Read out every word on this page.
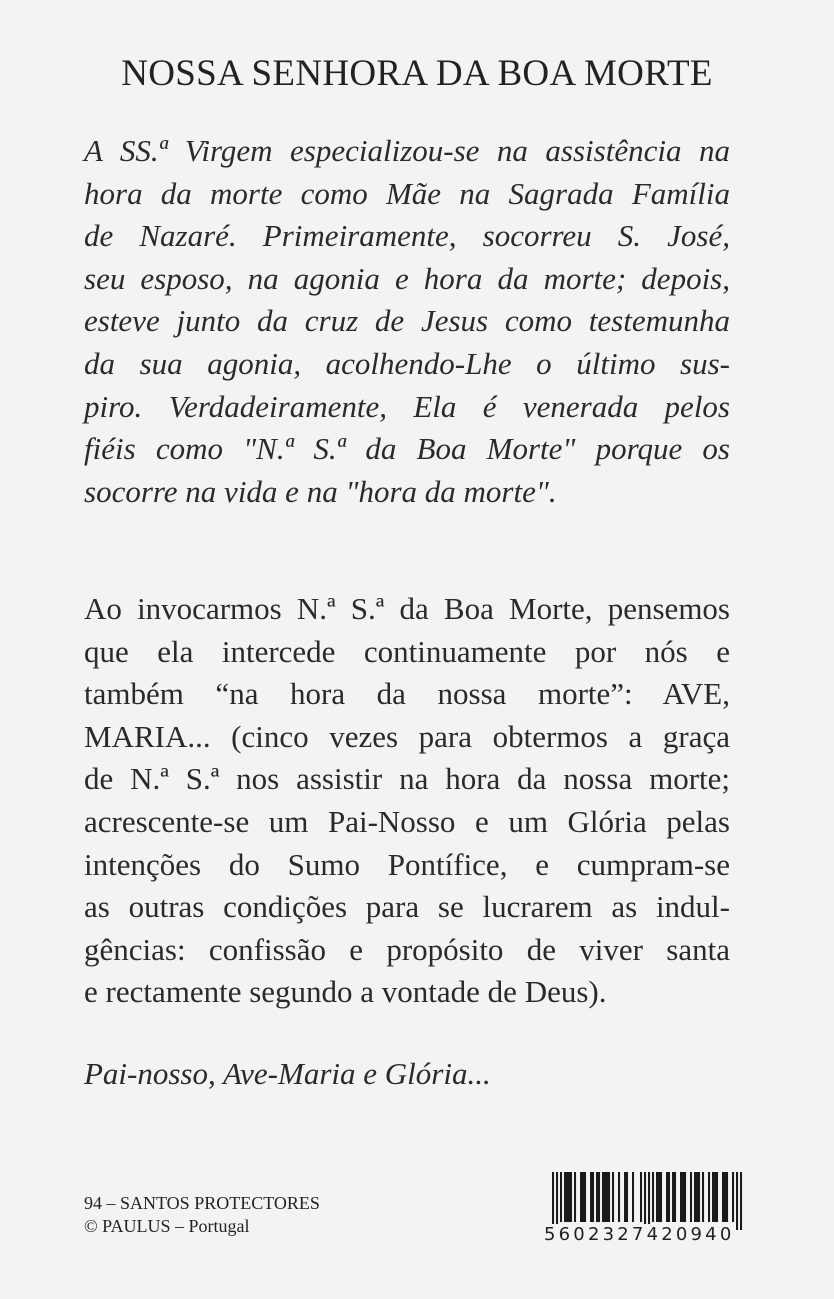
NOSSA SENHORA DA BOA MORTE
A SS.ª Virgem especializou-se na assistência na
hora da morte como Mãe na Sagrada Família
de Nazaré. Primeiramente, socorreu S. José,
seu esposo, na agonia e hora da morte; depois,
esteve junto da cruz de Jesus como testemunha
da sua agonia, acolhendo-Lhe o último sus-
piro. Verdadeiramente, Ela é venerada pelos
fiéis como "N.ª S.ª da Boa Morte" porque os
socorre na vida e na "hora da morte".
Ao invocarmos N.ª S.ª da Boa Morte, pensemos
que ela intercede continuamente por nós e
também “na hora da nossa morte”: AVE,
MARIA... (cinco vezes para obtermos a graça
de N.ª S.ª nos assistir na hora da nossa morte;
acrescente-se um Pai-Nosso e um Glória pelas
intenções do Sumo Pontífice, e cumpram-se
as outras condições para se lucrarem as indul-
gências: confissão e propósito de viver santa
e rectamente segundo a vontade de Deus).
Pai-nosso, Ave-Maria e Glória...
94 – SANTOS PROTECTORES
© PAULUS – Portugal	5602327420940
